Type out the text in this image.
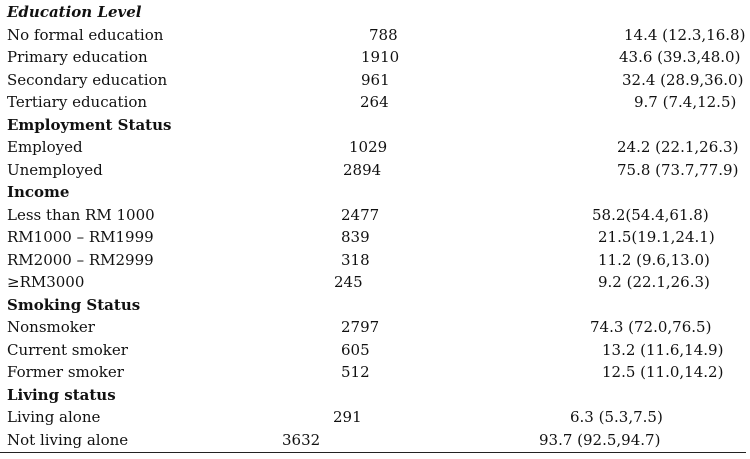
Education Level
No formal education	788	14.4 (12.3,16.8)
Primary education	1910	43.6 (39.3,48.0)
Secondary education	961	32.4 (28.9,36.0)
Tertiary education	264	9.7 (7.4,12.5)
Employment Status
Employed	1029	24.2 (22.1,26.3)
Unemployed	2894	75.8 (73.7,77.9)
Income
Less than RM 1000	2477	58.2(54.4,61.8)
RM1000 – RM1999	839	21.5(19.1,24.1)
RM2000 – RM2999	318	11.2 (9.6,13.0)
≥RM3000	245	9.2 (22.1,26.3)
Smoking Status
Nonsmoker	2797	74.3 (72.0,76.5)
Current smoker	605	13.2 (11.6,14.9)
Former smoker	512	12.5 (11.0,14.2)
Living status
Living alone	291	6.3 (5.3,7.5)
Not living alone	3632	93.7 (92.5,94.7)
